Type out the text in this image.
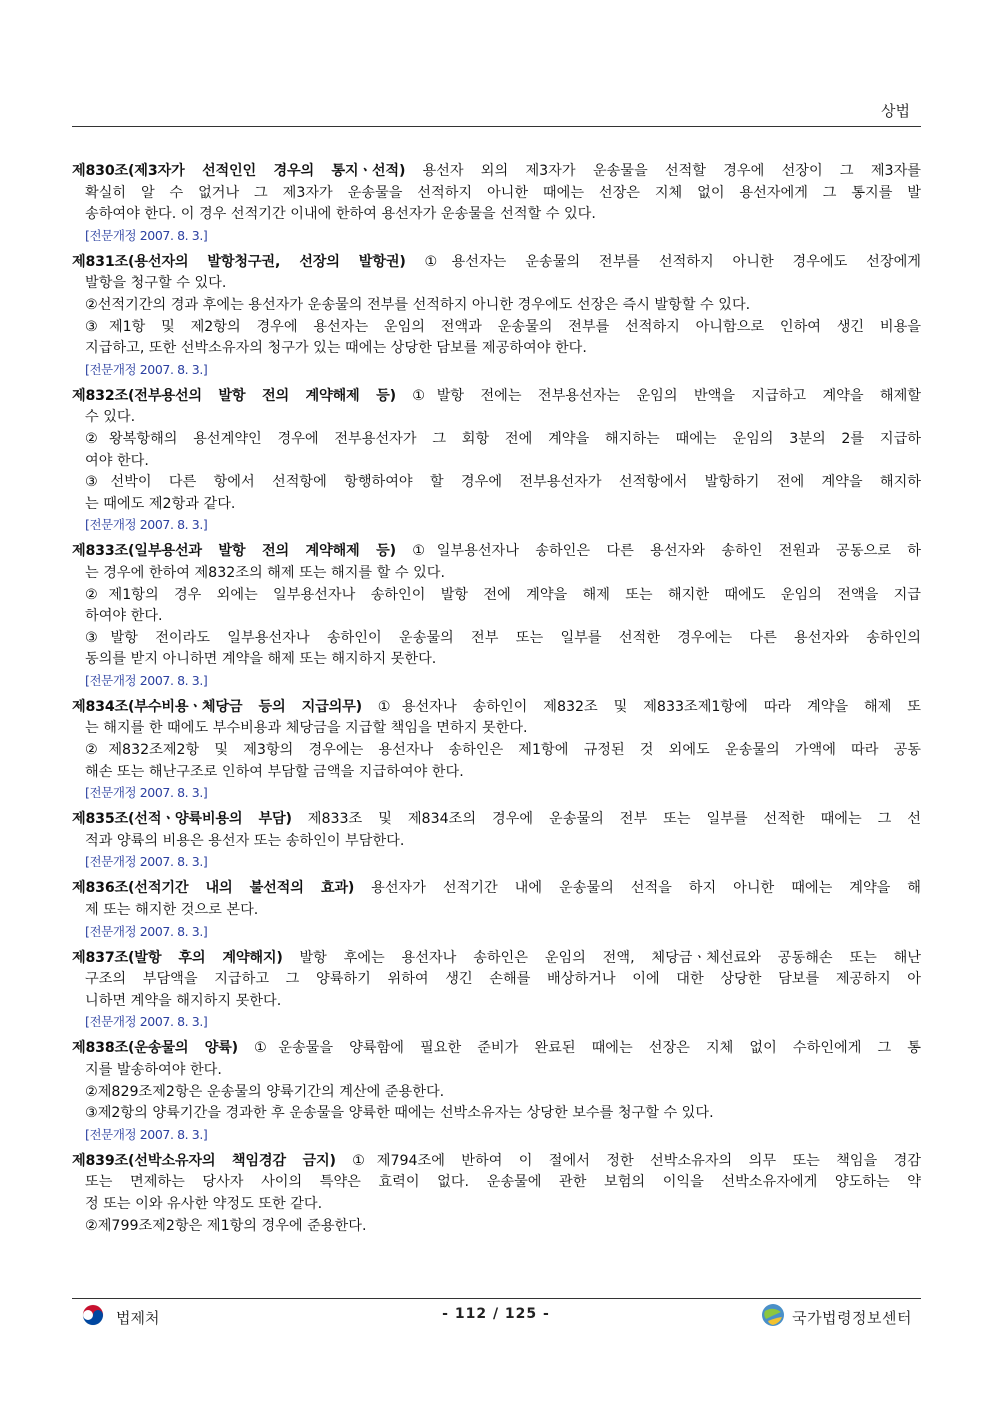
상법
제830조(제3자가 선적인인 경우의 통지ㆍ선적) 용선자 외의 제3자가 운송물을 선적할 경우에 선장이 그 제3자를
확실히 알 수 없거나 그 제3자가 운송물을 선적하지 아니한 때에는 선장은 지체 없이 용선자에게 그 통지를 발
송하여야 한다. 이 경우 선적기간 이내에 한하여 용선자가 운송물을 선적할 수 있다.
[전문개정 2007. 8. 3.]
제831조(용선자의 발항청구권, 선장의 발항권) ①용선자는 운송물의 전부를 선적하지 아니한 경우에도 선장에게
발항을 청구할 수 있다.
②선적기간의 경과 후에는 용선자가 운송물의 전부를 선적하지 아니한 경우에도 선장은 즉시 발항할 수 있다.
③제1항 및 제2항의 경우에 용선자는 운임의 전액과 운송물의 전부를 선적하지 아니함으로 인하여 생긴 비용을
지급하고, 또한 선박소유자의 청구가 있는 때에는 상당한 담보를 제공하여야 한다.
[전문개정 2007. 8. 3.]
제832조(전부용선의 발항 전의 계약해제 등) ①발항 전에는 전부용선자는 운임의 반액을 지급하고 계약을 해제할
수 있다.
②왕복항해의 용선계약인 경우에 전부용선자가 그 회항 전에 계약을 해지하는 때에는 운임의 3분의 2를 지급하
여야 한다.
③선박이 다른 항에서 선적항에 항행하여야 할 경우에 전부용선자가 선적항에서 발항하기 전에 계약을 해지하
는 때에도 제2항과 같다.
[전문개정 2007. 8. 3.]
제833조(일부용선과 발항 전의 계약해제 등) ①일부용선자나 송하인은 다른 용선자와 송하인 전원과 공동으로 하
는 경우에 한하여 제832조의 해제 또는 해지를 할 수 있다.
②제1항의 경우 외에는 일부용선자나 송하인이 발항 전에 계약을 해제 또는 해지한 때에도 운임의 전액을 지급
하여야 한다.
③발항 전이라도 일부용선자나 송하인이 운송물의 전부 또는 일부를 선적한 경우에는 다른 용선자와 송하인의
동의를 받지 아니하면 계약을 해제 또는 해지하지 못한다.
[전문개정 2007. 8. 3.]
제834조(부수비용ㆍ체당금 등의 지급의무) ①용선자나 송하인이 제832조 및 제833조제1항에 따라 계약을 해제 또
는 해지를 한 때에도 부수비용과 체당금을 지급할 책임을 면하지 못한다.
②제832조제2항 및 제3항의 경우에는 용선자나 송하인은 제1항에 규정된 것 외에도 운송물의 가액에 따라 공동
해손 또는 해난구조로 인하여 부담할 금액을 지급하여야 한다.
[전문개정 2007. 8. 3.]
제835조(선적ㆍ양륙비용의 부담) 제833조 및 제834조의 경우에 운송물의 전부 또는 일부를 선적한 때에는 그 선
적과 양륙의 비용은 용선자 또는 송하인이 부담한다.
[전문개정 2007. 8. 3.]
제836조(선적기간 내의 불선적의 효과) 용선자가 선적기간 내에 운송물의 선적을 하지 아니한 때에는 계약을 해
제 또는 해지한 것으로 본다.
[전문개정 2007. 8. 3.]
제837조(발항 후의 계약해지) 발항 후에는 용선자나 송하인은 운임의 전액, 체당금ㆍ체선료와 공동해손 또는 해난
구조의 부담액을 지급하고 그 양륙하기 위하여 생긴 손해를 배상하거나 이에 대한 상당한 담보를 제공하지 아
니하면 계약을 해지하지 못한다.
[전문개정 2007. 8. 3.]
제838조(운송물의 양륙) ①운송물을 양륙함에 필요한 준비가 완료된 때에는 선장은 지체 없이 수하인에게 그 통
지를 발송하여야 한다.
②제829조제2항은 운송물의 양륙기간의 계산에 준용한다.
③제2항의 양륙기간을 경과한 후 운송물을 양륙한 때에는 선박소유자는 상당한 보수를 청구할 수 있다.
[전문개정 2007. 8. 3.]
제839조(선박소유자의 책임경감 금지) ①제794조에 반하여 이 절에서 정한 선박소유자의 의무 또는 책임을 경감
또는 면제하는 당사자 사이의 특약은 효력이 없다. 운송물에 관한 보험의 이익을 선박소유자에게 양도하는 약
정 또는 이와 유사한 약정도 또한 같다.
②제799조제2항은 제1항의 경우에 준용한다.
법제처	- 112 / 125 -	국가법령정보센터
